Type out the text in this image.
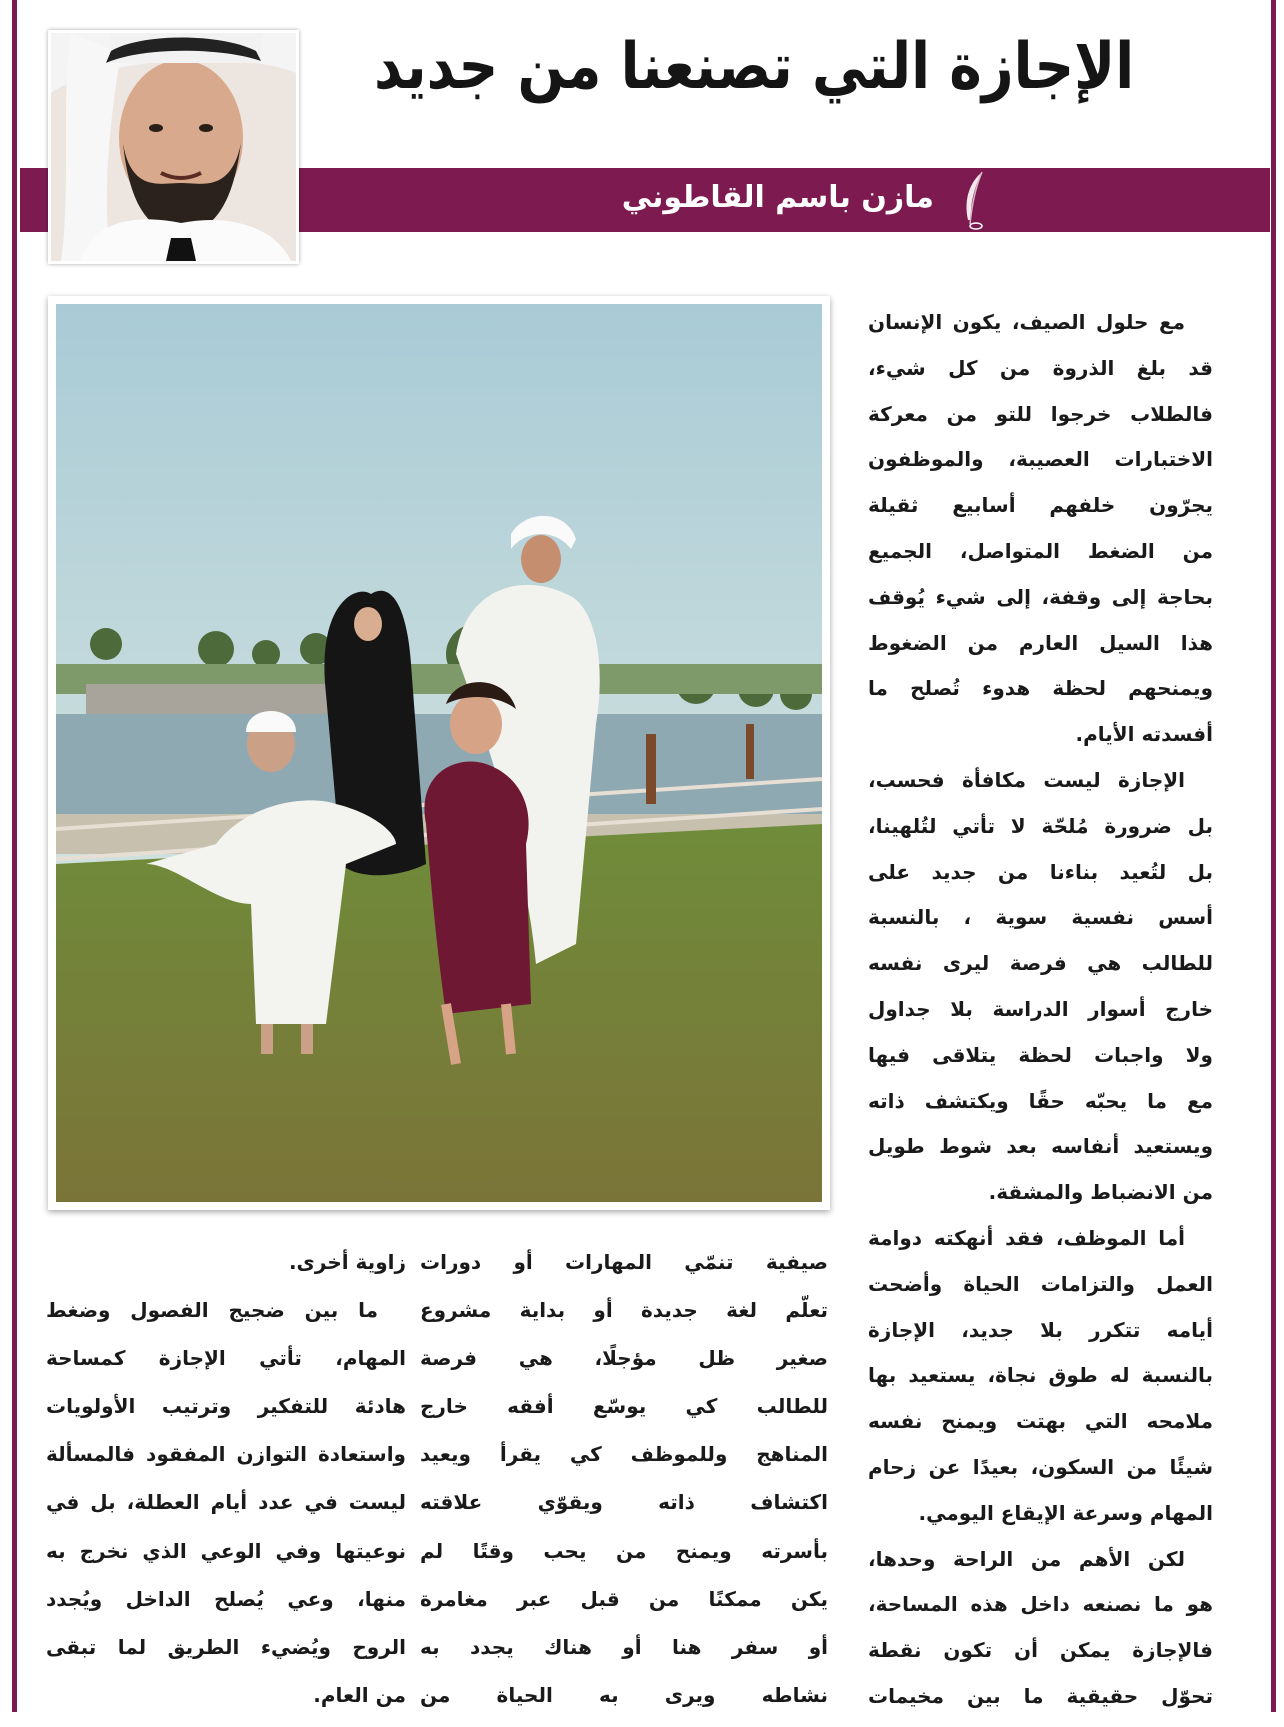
الإجازة التي تصنعنا من جديد
مازن باسم القاطوني
مع حلول الصيف، يكون الإنسان
قد بلغ الذروة من كل شيء،
فالطلاب خرجوا للتو من معركة
الاختبارات العصيبة، والموظفون
يجرّون خلفهم أسابيع ثقيلة
من الضغط المتواصل، الجميع
بحاجة إلى وقفة، إلى شيء يُوقف
هذا السيل العارم من الضغوط
ويمنحهم لحظة هدوء تُصلح ما
أفسدته الأيام.
الإجازة ليست مكافأة فحسب،
بل ضرورة مُلحّة لا تأتي لتُلهينا،
بل لتُعيد بناءنا من جديد على
أسس نفسية سوية ، بالنسبة
للطالب هي فرصة ليرى نفسه
خارج أسوار الدراسة بلا جداول
ولا واجبات لحظة يتلاقى فيها
مع ما يحبّه حقًا ويكتشف ذاته
ويستعيد أنفاسه بعد شوط طويل
من الانضباط والمشقة.
أما الموظف، فقد أنهكته دوامة
العمل والتزامات الحياة وأضحت
أيامه تتكرر بلا جديد، الإجازة
بالنسبة له طوق نجاة، يستعيد بها
ملامحه التي بهتت ويمنح نفسه
شيئًا من السكون، بعيدًا عن زحام
المهام وسرعة الإيقاع اليومي.
لكن الأهم من الراحة وحدها،
هو ما نصنعه داخل هذه المساحة،
فالإجازة يمكن أن تكون نقطة
تحوّل حقيقية ما بين مخيمات
صيفية تنمّي المهارات أو دورات
تعلّم لغة جديدة أو بداية مشروع
صغير ظل مؤجلًا، هي فرصة
للطالب كي يوسّع أفقه خارج
المناهج وللموظف كي يقرأ ويعيد
اكتشاف ذاته ويقوّي علاقته
بأسرته ويمنح من يحب وقتًا لم
يكن ممكنًا من قبل عبر مغامرة
أو سفر هنا أو هناك يجدد به
نشاطه ويرى به الحياة من
زاوية أخرى.
ما بين ضجيج الفصول وضغط
المهام، تأتي الإجازة كمساحة
هادئة للتفكير وترتيب الأولويات
واستعادة التوازن المفقود فالمسألة
ليست في عدد أيام العطلة، بل في
نوعيتها وفي الوعي الذي نخرج به
منها، وعي يُصلح الداخل ويُجدد
الروح ويُضيء الطريق لما تبقى
من العام.
